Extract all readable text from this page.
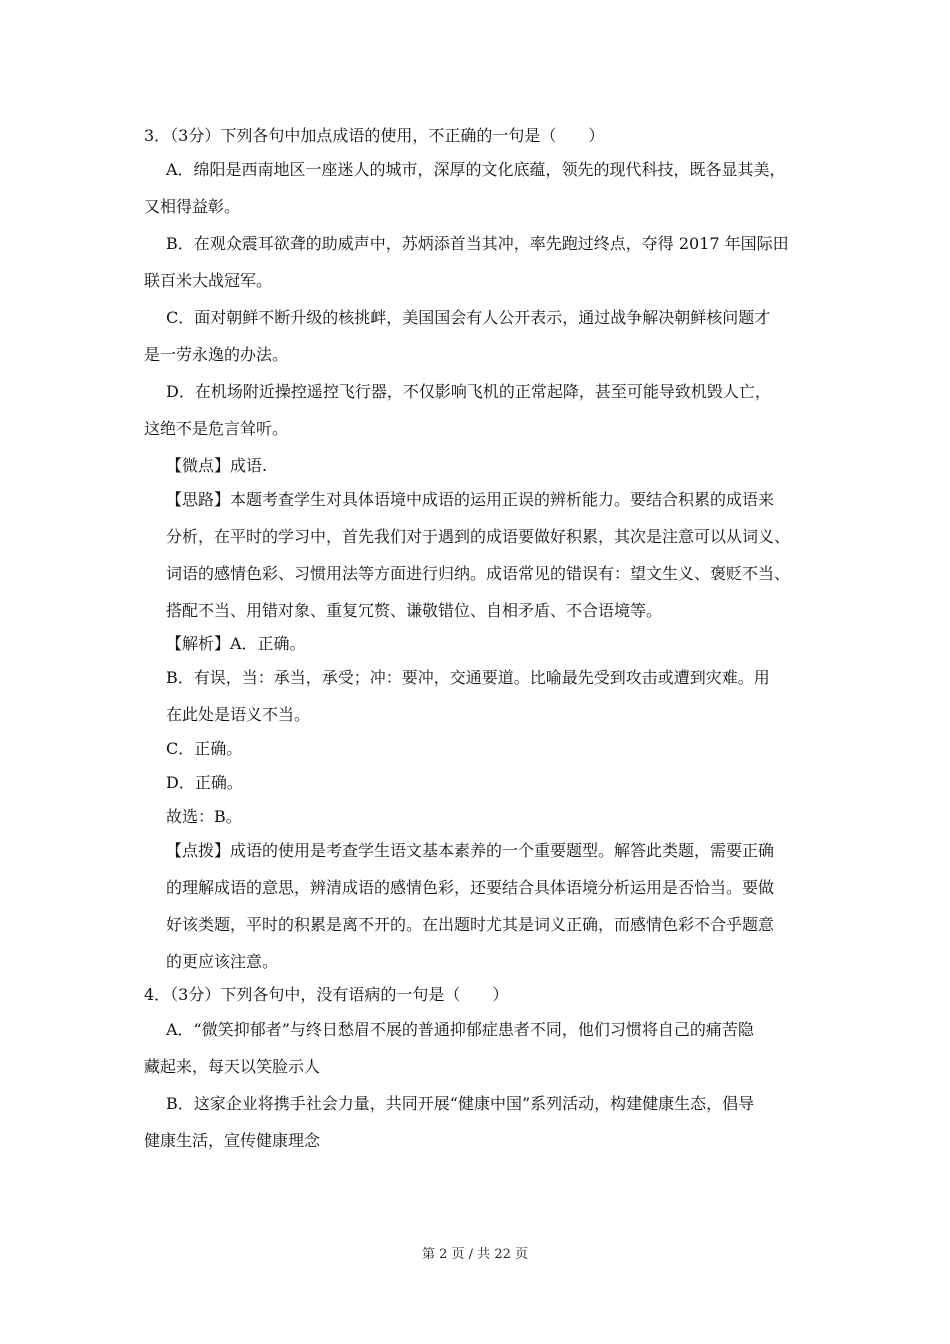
3．（3分）下列各句中加点成语的使用，不正确的一句是（　　）
A．绵阳是西南地区一座迷人的城市，深厚的文化底蕴，领先的现代科技，既各显其美，
又相得益彰。
B．在观众震耳欲聋的助威声中，苏炳添首当其冲，率先跑过终点，夺得 2017 年国际田
联百米大战冠军。
C．面对朝鲜不断升级的核挑衅，美国国会有人公开表示，通过战争解决朝鲜核问题才
是一劳永逸的办法。
D．在机场附近操控遥控飞行器，不仅影响飞机的正常起降，甚至可能导致机毁人亡，
这绝不是危言耸听。
【微点】成语.
【思路】本题考查学生对具体语境中成语的运用正误的辨析能力。要结合积累的成语来
分析，在平时的学习中，首先我们对于遇到的成语要做好积累，其次是注意可以从词义、
词语的感情色彩、习惯用法等方面进行归纳。成语常见的错误有：望文生义、褒贬不当、
搭配不当、用错对象、重复冗赘、谦敬错位、自相矛盾、不合语境等。
【解析】A．正确。
B．有误，当：承当，承受；冲：要冲，交通要道。比喻最先受到攻击或遭到灾难。用
在此处是语义不当。
C．正确。
D．正确。
故选：B。
【点拨】成语的使用是考查学生语文基本素养的一个重要题型。解答此类题，需要正确
的理解成语的意思，辨清成语的感情色彩，还要结合具体语境分析运用是否恰当。要做
好该类题，平时的积累是离不开的。在出题时尤其是词义正确，而感情色彩不合乎题意
的更应该注意。
4．（3分）下列各句中，没有语病的一句是（　　）
A．“微笑抑郁者”与终日愁眉不展的普通抑郁症患者不同，他们习惯将自己的痛苦隐
藏起来，每天以笑脸示人
B．这家企业将携手社会力量，共同开展“健康中国”系列活动，构建健康生态，倡导
健康生活，宣传健康理念
第 2 页 / 共 22 页
